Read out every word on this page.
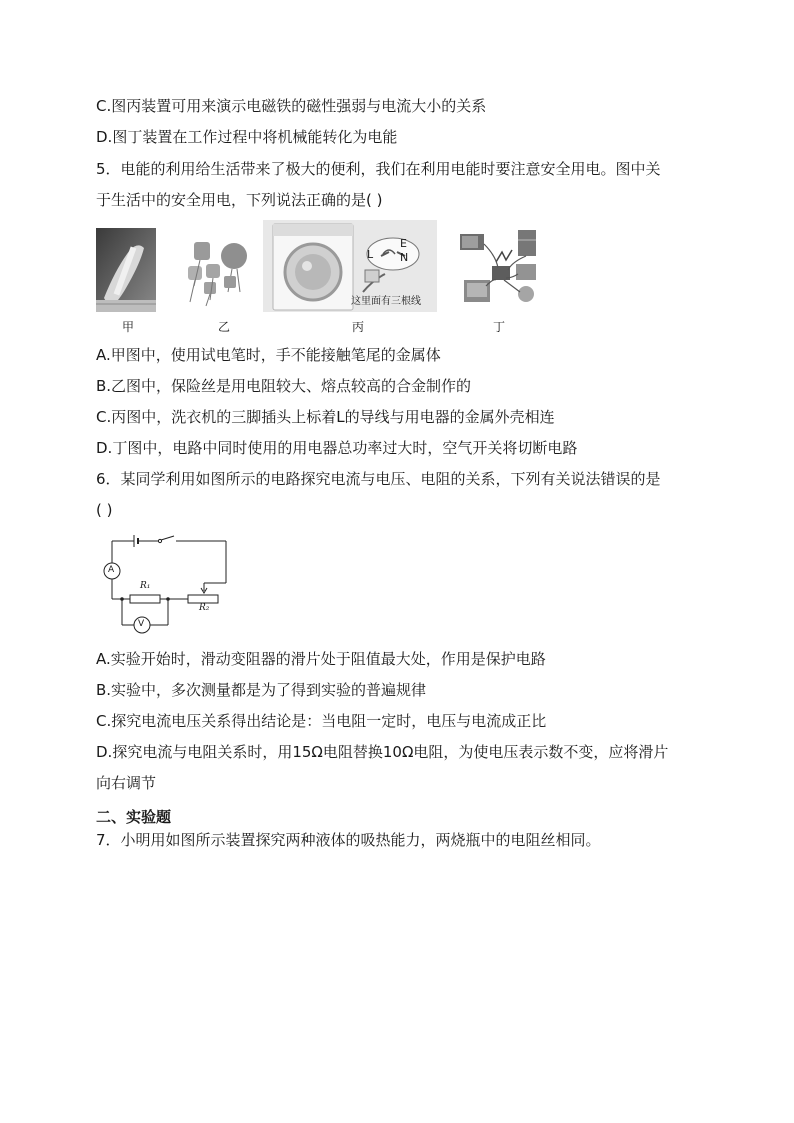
C.图丙装置可用来演示电磁铁的磁性强弱与电流大小的关系
D.图丁装置在工作过程中将机械能转化为电能
5．电能的利用给生活带来了极大的便利，我们在利用电能时要注意安全用电。图中关
于生活中的安全用电，下列说法正确的是( )
甲	乙
L
E
N
这里面有三根线
丙	丁
A.甲图中，使用试电笔时，手不能接触笔尾的金属体
B.乙图中，保险丝是用电阻较大、熔点较高的合金制作的
C.丙图中，洗衣机的三脚插头上标着L的导线与用电器的金属外壳相连
D.丁图中，电路中同时使用的用电器总功率过大时，空气开关将切断电路
6．某同学利用如图所示的电路探究电流与电压、电阻的关系，下列有关说法错误的是
( )
A
V
R₁
R₂
A.实验开始时，滑动变阻器的滑片处于阻值最大处，作用是保护电路
B.实验中，多次测量都是为了得到实验的普遍规律
C.探究电流电压关系得出结论是：当电阻一定时，电压与电流成正比
D.探究电流与电阻关系时，用15Ω电阻替换10Ω电阻，为使电压表示数不变，应将滑片
向右调节
二、实验题
7．小明用如图所示装置探究两种液体的吸热能力，两烧瓶中的电阻丝相同。
